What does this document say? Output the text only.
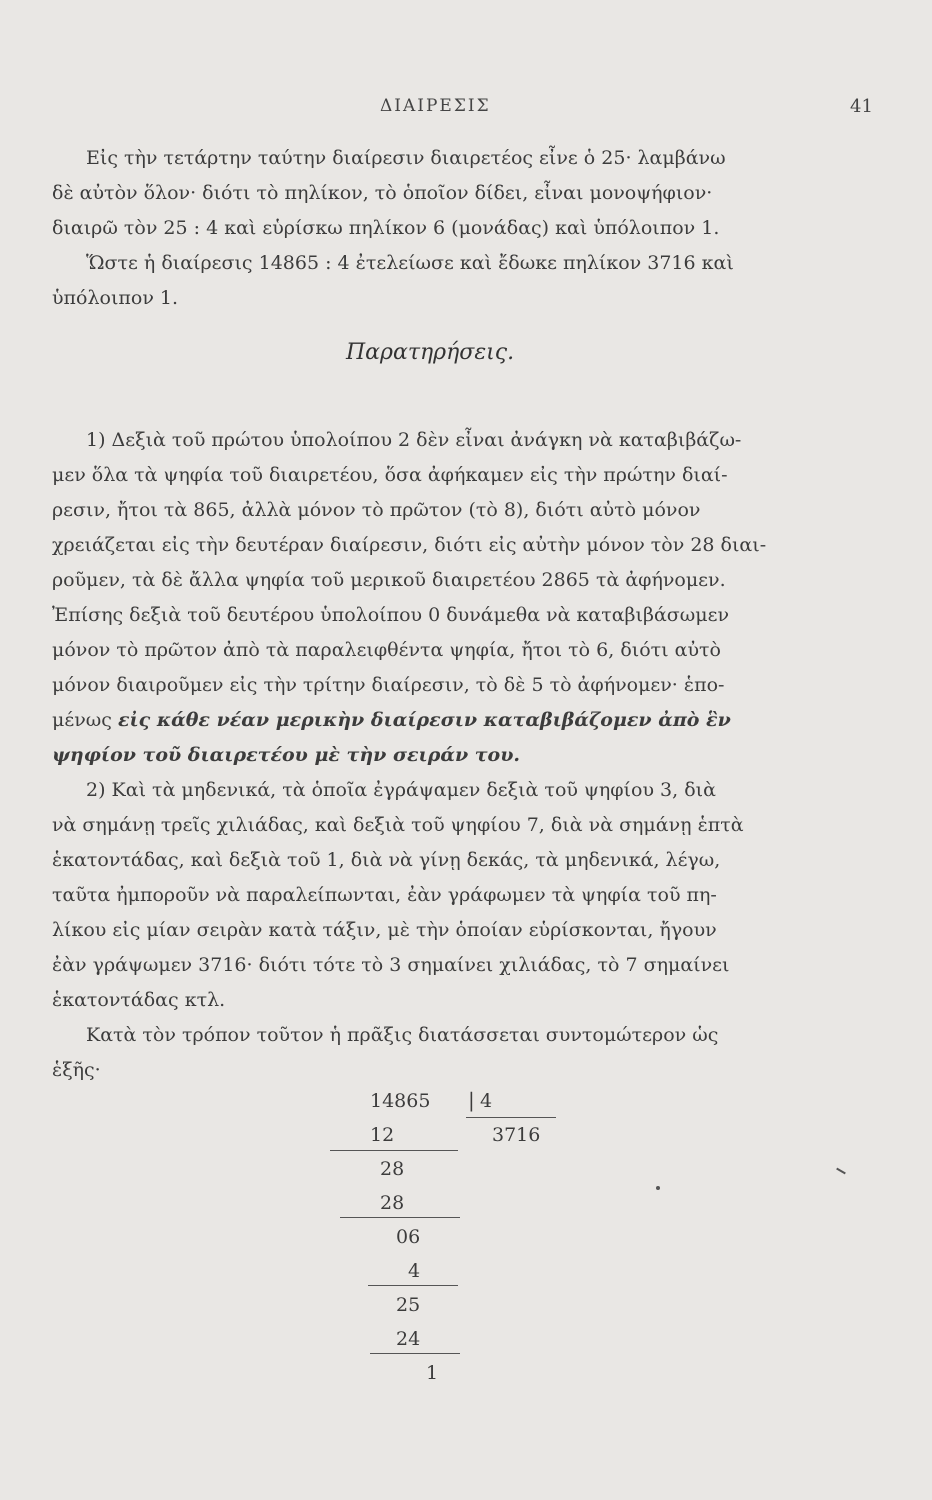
ΔΙΑΙΡΕΣΙΣ	41
Εἰς τὴν τετάρτην ταύτην διαίρεσιν διαιρετέος εἶνε ὁ 25· λαμβάνω
δὲ αὐτὸν ὅλον· διότι τὸ πηλίκον, τὸ ὁποῖον δίδει, εἶναι μονοψήφιον·
διαιρῶ τὸν 25 : 4 καὶ εὑρίσκω πηλίκον 6 (μονάδας) καὶ ὑπόλοιπον 1.
Ὥστε ἡ διαίρεσις 14865 : 4 ἐτελείωσε καὶ ἔδωκε πηλίκον 3716 καὶ
ὑπόλοιπον 1.
Παρατηρήσεις.
1) Δεξιὰ τοῦ πρώτου ὑπολοίπου 2 δὲν εἶναι ἀνάγκη νὰ καταβιβάζω-
μεν ὅλα τὰ ψηφία τοῦ διαιρετέου, ὅσα ἀφήκαμεν εἰς τὴν πρώτην διαί-
ρεσιν, ἤτοι τὰ 865, ἀλλὰ μόνον τὸ πρῶτον (τὸ 8), διότι αὐτὸ μόνον
χρειάζεται εἰς τὴν δευτέραν διαίρεσιν, διότι εἰς αὐτὴν μόνον τὸν 28 διαι-
ροῦμεν, τὰ δὲ ἄλλα ψηφία τοῦ μερικοῦ διαιρετέου 2865 τὰ ἀφήνομεν.
Ἐπίσης δεξιὰ τοῦ δευτέρου ὑπολοίπου 0 δυνάμεθα νὰ καταβιβάσωμεν
μόνον τὸ πρῶτον ἀπὸ τὰ παραλειφθέντα ψηφία, ἤτοι τὸ 6, διότι αὐτὸ
μόνον διαιροῦμεν εἰς τὴν τρίτην διαίρεσιν, τὸ δὲ 5 τὸ ἀφήνομεν· ἑπο-
μένως εἰς κάθε νέαν μερικὴν διαίρεσιν καταβιβάζομεν ἀπὸ ἓν
ψηφίον τοῦ διαιρετέου μὲ τὴν σειράν του.
2) Καὶ τὰ μηδενικά, τὰ ὁποῖα ἐγράψαμεν δεξιὰ τοῦ ψηφίου 3, διὰ
νὰ σημάνῃ τρεῖς χιλιάδας, καὶ δεξιὰ τοῦ ψηφίου 7, διὰ νὰ σημάνῃ ἑπτὰ
ἑκατοντάδας, καὶ δεξιὰ τοῦ 1, διὰ νὰ γίνῃ δεκάς, τὰ μηδενικά, λέγω,
ταῦτα ἠμποροῦν νὰ παραλείπωνται, ἐὰν γράφωμεν τὰ ψηφία τοῦ πη-
λίκου εἰς μίαν σειρὰν κατὰ τάξιν, μὲ τὴν ὁποίαν εὑρίσκονται, ἤγουν
ἐὰν γράψωμεν 3716· διότι τότε τὸ 3 σημαίνει χιλιάδας, τὸ 7 σημαίνει
ἑκατοντάδας κτλ.
Κατὰ τὸν τρόπον τοῦτον ἡ πρᾶξις διατάσσεται συντομώτερον ὡς
ἑξῆς·
14865 | 4
3716
12
28
28
06
4
25
24
1
